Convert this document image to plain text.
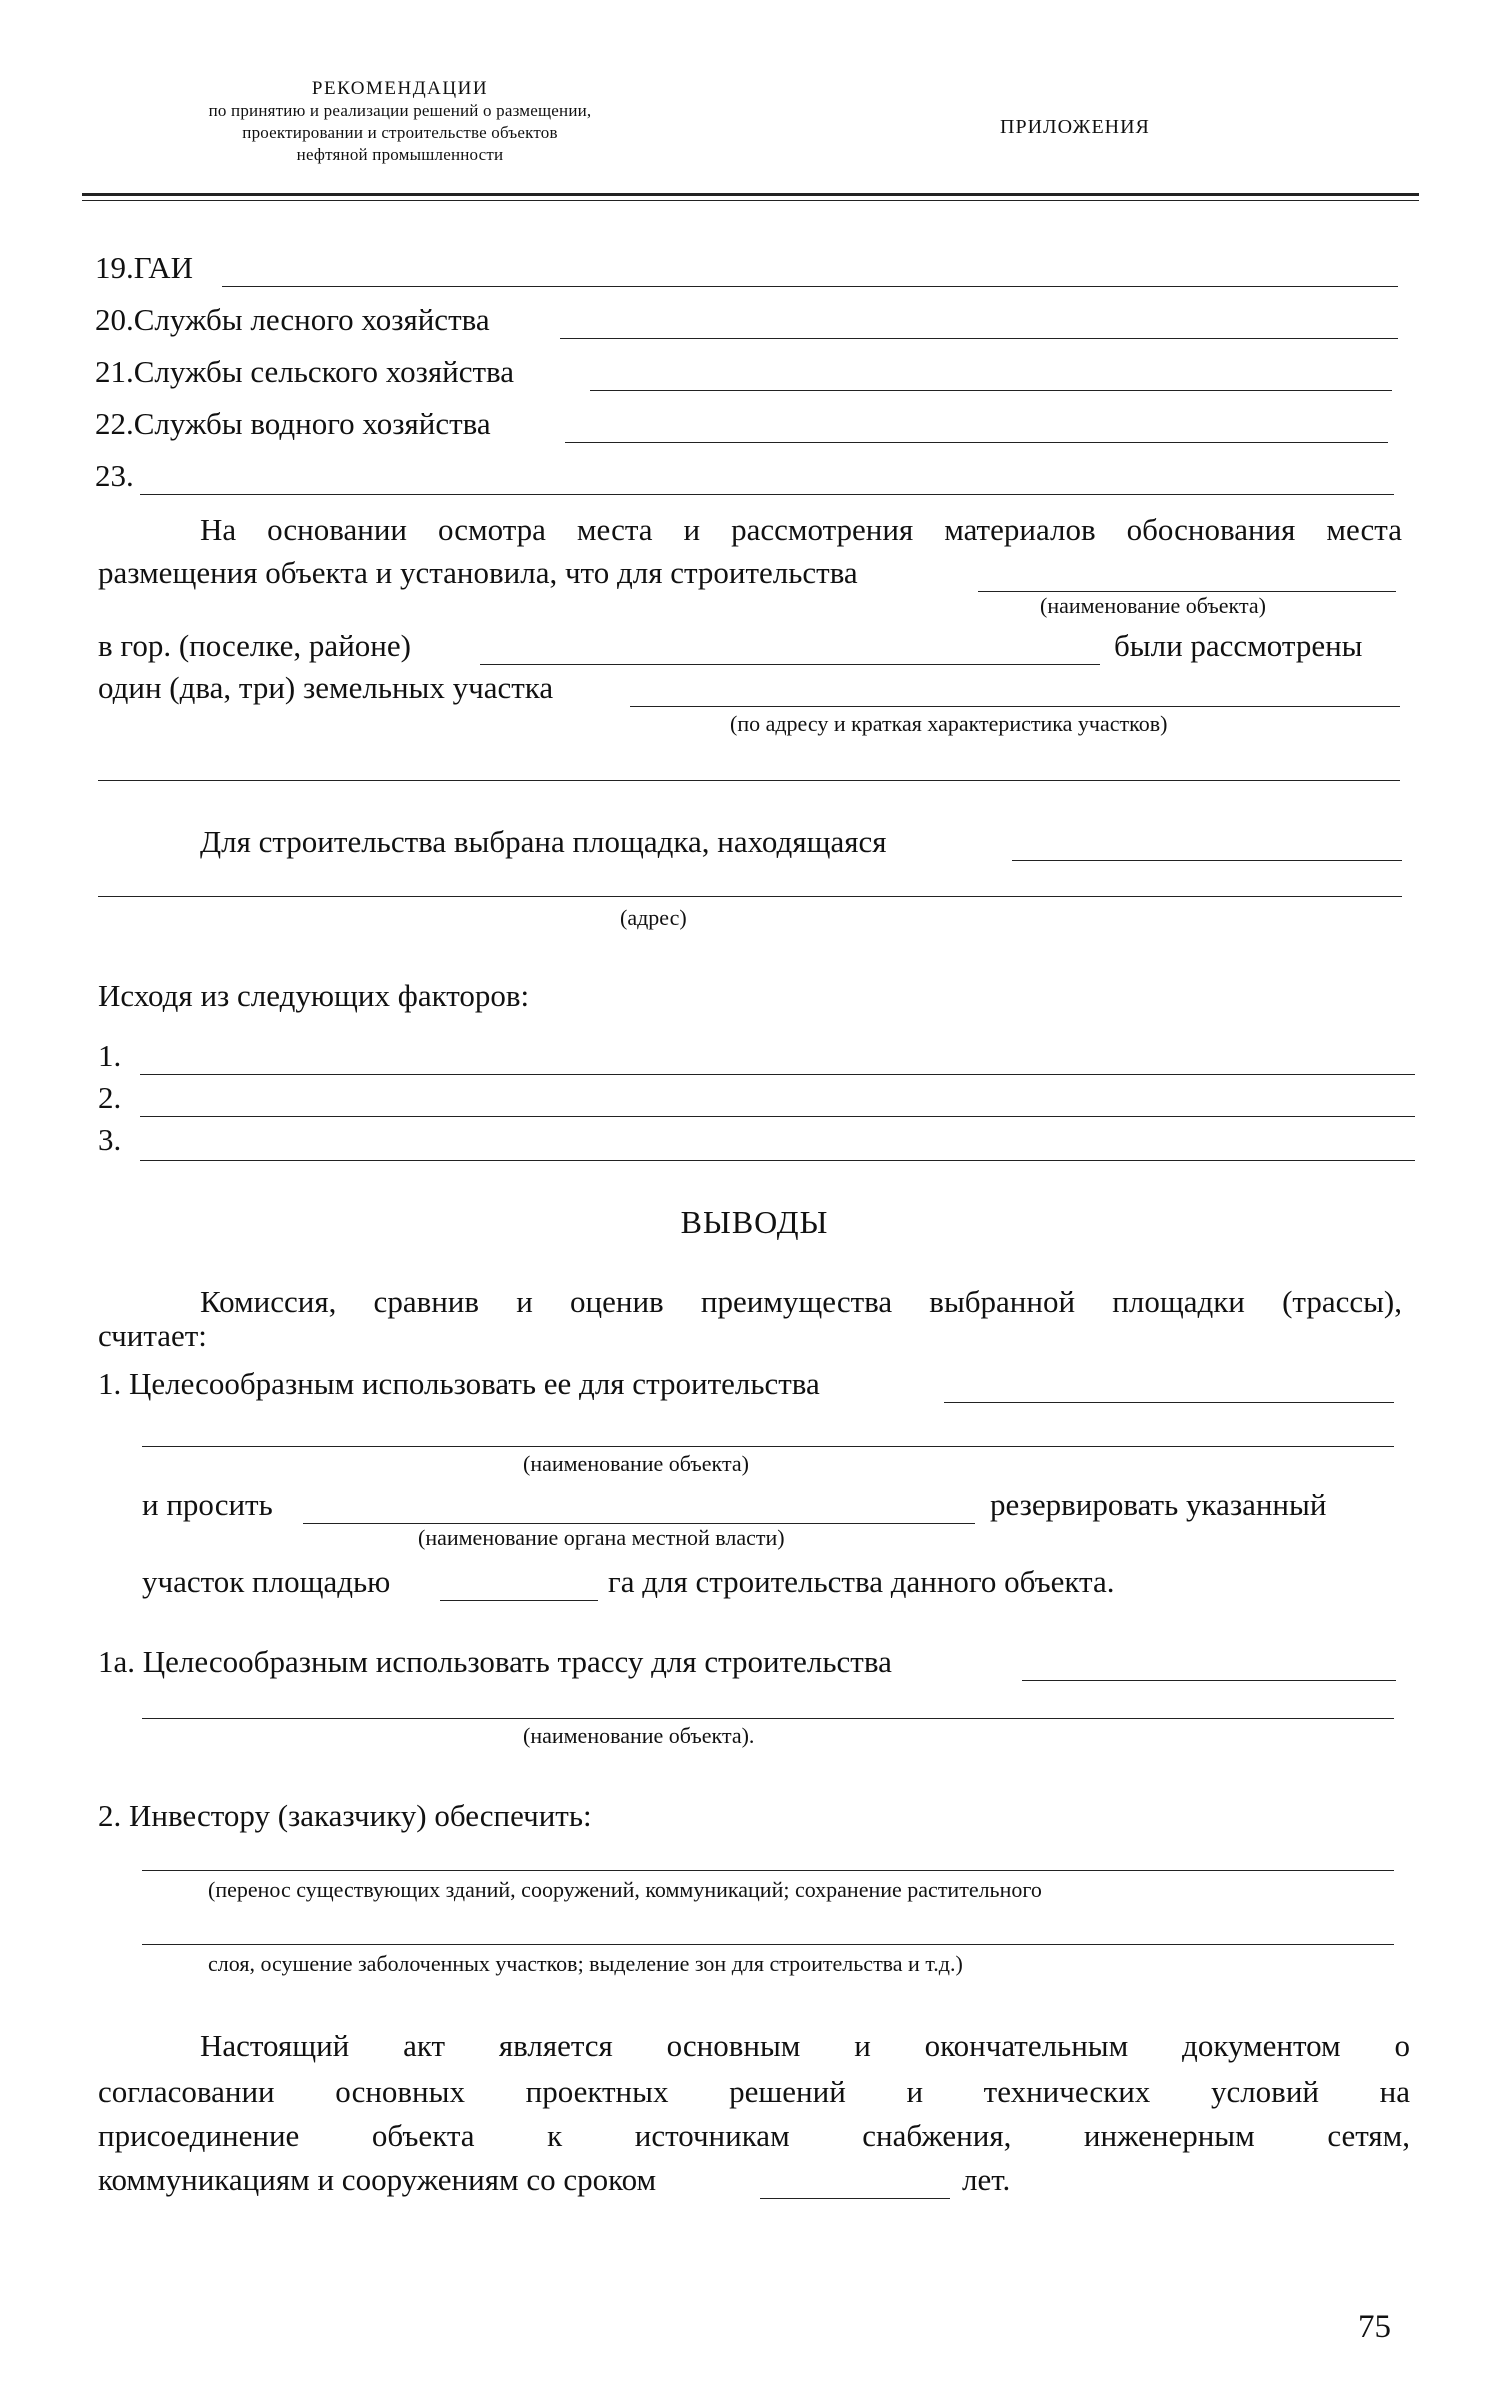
РЕКОМЕНДАЦИИ
по принятию и реализации решений о размещении,
проектировании и строительстве объектов
нефтяной промышленности
ПРИЛОЖЕНИЯ
19.ГАИ
20.Службы лесного хозяйства
21.Службы сельского хозяйства
22.Службы водного хозяйства
23.
На основании осмотра места и рассмотрения материалов обоснования места
размещения объекта и установила, что для строительства
(наименование объекта)
в гор. (поселке, районе)	были рассмотрены
один (два, три) земельных участка
(по адресу и краткая характеристика участков)
Для строительства выбрана площадка, находящаяся
(адрес)
Исходя из следующих факторов:
1.
2.
3.
ВЫВОДЫ
Комиссия, сравнив и оценив преимущества выбранной площадки (трассы),
считает:
1. Целесообразным использовать ее для строительства
(наименование объекта)
и просить	резервировать указанный
(наименование органа местной власти)
участок площадью	га для строительства данного объекта.
1а. Целесообразным использовать трассу для строительства
(наименование объекта).
2. Инвестору (заказчику) обеспечить:
(перенос существующих зданий, сооружений, коммуникаций; сохранение растительного
слоя, осушение заболоченных участков; выделение зон для строительства и т.д.)
Настоящий акт является основным и окончательным документом о
согласовании основных проектных решений и технических условий на
присоединение объекта к источникам снабжения, инженерным сетям,
коммуникациям и сооружениям со сроком	лет.
75
